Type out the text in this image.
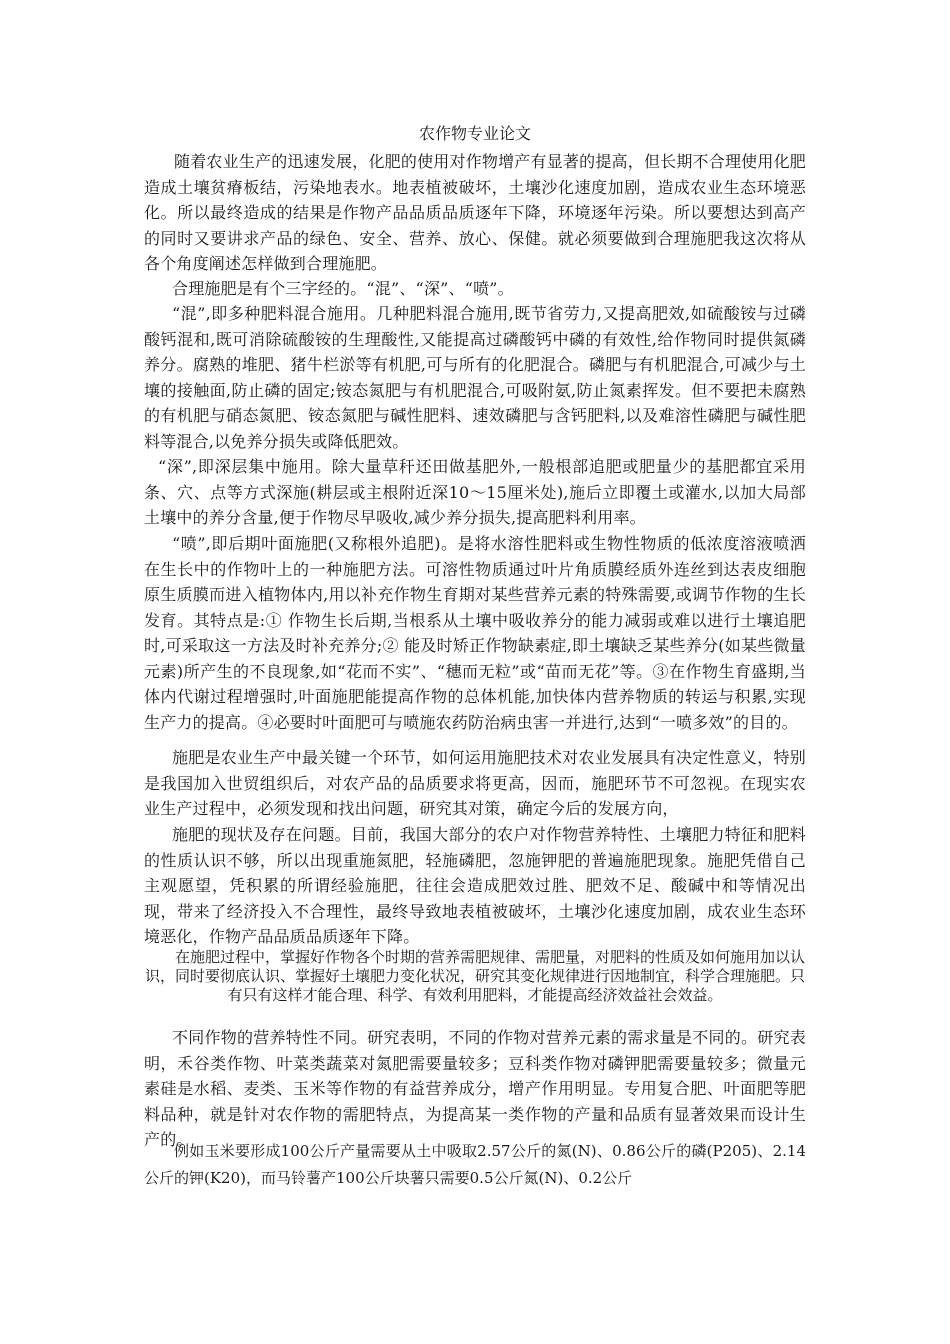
农作物专业论文

随着农业生产的迅速发展，化肥的使用对作物增产有显著的提高，但长期不合理使用化肥造成土壤贫瘠板结，污染地表水。地表植被破坏，土壤沙化速度加剧，造成农业生态环境恶化。所以最终造成的结果是作物产品品质品质逐年下降，环境逐年污染。所以要想达到高产的同时又要讲求产品的绿色、安全、营养、放心、保健。就必须要做到合理施肥我这次将从各个角度阐述怎样做到合理施肥。

合理施肥是有个三字经的。“混”、“深”、“喷”。

“混”,即多种肥料混合施用。几种肥料混合施用,既节省劳力,又提高肥效,如硫酸铵与过磷酸钙混和,既可消除硫酸铵的生理酸性,又能提高过磷酸钙中磷的有效性,给作物同时提供氮磷养分。腐熟的堆肥、猪牛栏淤等有机肥,可与所有的化肥混合。磷肥与有机肥混合,可减少与土壤的接触面,防止磷的固定;铵态氮肥与有机肥混合,可吸附氨,防止氮素挥发。但不要把未腐熟的有机肥与硝态氮肥、铵态氮肥与碱性肥料、速效磷肥与含钙肥料,以及难溶性磷肥与碱性肥料等混合,以免养分损失或降低肥效。

“深”,即深层集中施用。除大量草秆还田做基肥外,一般根部追肥或肥量少的基肥都宜采用条、穴、点等方式深施(耕层或主根附近深10～15厘米处),施后立即覆土或灌水,以加大局部土壤中的养分含量,便于作物尽早吸收,减少养分损失,提高肥料利用率。

“喷”,即后期叶面施肥(又称根外追肥)。是将水溶性肥料或生物性物质的低浓度溶液喷洒在生长中的作物叶上的一种施肥方法。可溶性物质通过叶片角质膜经质外连丝到达表皮细胞原生质膜而进入植物体内,用以补充作物生育期对某些营养元素的特殊需要,或调节作物的生长发育。其特点是:① 作物生长后期,当根系从土壤中吸收养分的能力减弱或难以进行土壤追肥时,可采取这一方法及时补充养分;② 能及时矫正作物缺素症,即土壤缺乏某些养分(如某些微量元素)所产生的不良现象,如“花而不实”、“穗而无粒”或“苗而无花”等。③在作物生育盛期,当体内代谢过程增强时,叶面施肥能提高作物的总体机能,加快体内营养物质的转运与积累,实现生产力的提高。④必要时叶面肥可与喷施农药防治病虫害一并进行,达到“一喷多效”的目的。

施肥是农业生产中最关键一个环节，如何运用施肥技术对农业发展具有决定性意义，特别是我国加入世贸组织后，对农产品的品质要求将更高，因而，施肥环节不可忽视。在现实农业生产过程中，必须发现和找出问题，研究其对策，确定今后的发展方向，

施肥的现状及存在问题。目前，我国大部分的农户对作物营养特性、土壤肥力特征和肥料的性质认识不够，所以出现重施氮肥，轻施磷肥，忽施钾肥的普遍施肥现象。施肥凭借自己主观愿望，凭积累的所谓经验施肥，往往会造成肥效过胜、肥效不足、酸碱中和等情况出现，带来了经济投入不合理性，最终导致地表植被破坏，土壤沙化速度加剧，成农业生态环境恶化，作物产品品质品质逐年下降。

在施肥过程中，掌握好作物各个时期的营养需肥规律、需肥量，对肥料的性质及如何施用加以认识，同时要彻底认识、掌握好土壤肥力变化状况，研究其变化规律进行因地制宜，科学合理施肥。只有只有这样才能合理、科学、有效利用肥料，才能提高经济效益社会效益。

不同作物的营养特性不同。研究表明，不同的作物对营养元素的需求量是不同的。研究表明，禾谷类作物、叶菜类蔬菜对氮肥需要量较多；豆科类作物对磷钾肥需要量较多；微量元素硅是水稻、麦类、玉米等作物的有益营养成分，增产作用明显。专用复合肥、叶面肥等肥料品种，就是针对农作物的需肥特点，为提高某一类作物的产量和品质有显著效果而设计生产的。

例如玉米要形成100公斤产量需要从土中吸取2.57公斤的氮(N)、0.86公斤的磷(P205)、2.14公斤的钾(K20)，而马铃薯产100公斤块薯只需要0.5公斤氮(N)、0.2公斤
